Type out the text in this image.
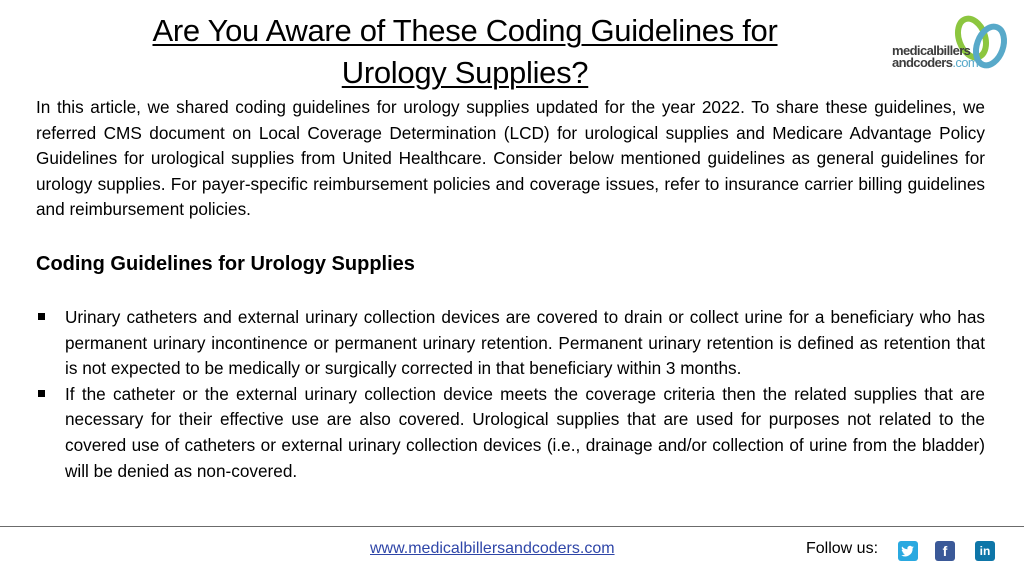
Are You Aware of These Coding Guidelines for
Urology Supplies?
medicalbillers
andcoders.com

In this article, we shared coding guidelines for urology supplies updated for the year 2022. To share these guidelines, we referred CMS document on Local Coverage Determination (LCD) for urological supplies and Medicare Advantage Policy Guidelines for urological supplies from United Healthcare. Consider below mentioned guidelines as general guidelines for urology supplies. For payer-specific reimbursement policies and coverage issues, refer to insurance carrier billing guidelines and reimbursement policies.

Coding Guidelines for Urology Supplies
Urinary catheters and external urinary collection devices are covered to drain or collect urine for a beneficiary who has permanent urinary incontinence or permanent urinary retention. Permanent urinary retention is defined as retention that is not expected to be medically or surgically corrected in that beneficiary within 3 months.
If the catheter or the external urinary collection device meets the coverage criteria then the related supplies that are necessary for their effective use are also covered. Urological supplies that are used for purposes not related to the covered use of catheters or external urinary collection devices (i.e., drainage and/or collection of urine from the bladder) will be denied as non-covered.
www.medicalbillersandcoders.com	Follow us:	f	in
